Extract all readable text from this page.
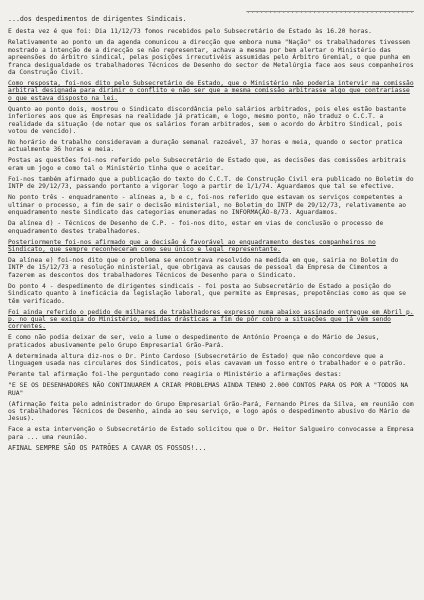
......................................

...dos despedimentos de dirigentes Sindicais.

E desta vez é que foi: Dia 11/12/73 fomos recebidos pelo Subsecretário de Estado às 16.20 horas.

Relativamente ao ponto um da agenda comunicou a direcção que embora numa "Nação" os trabalhadores tivessem mostrado a intenção de a direcção se não representar, achava a mesma por bem alertar o Ministério das apreensões do árbitro sindical, pelas posições irrecutivéis assumidas pelo Árbitro Gremial, o que punha em franca desigualdade os trabalhadores Técnicos de Desenho do sector de Metalúrgia face aos seus companheiros da Construção Civil.

Como resposta, foi-nos dito pelo Subsecretário de Estado, que o Ministério não poderia intervir na comissão arbitral designada para dirimir o conflito e não ser que a mesma comissão arbitrasse algo que contrariasse o que estava disposto na lei.

Quanto ao ponto dois, mostrou o Sindicato discordância pelo salários arbitrados, pois eles estão bastante inferiores aos que as Empresas na realidade já praticam, e logo, mesmo ponto, não traduz o C.C.T. a realidade da situação (de notar que os salários foram arbitrados, sem o acordo do Árbitro Sindical, pois votou de vencido).

No horário de trabalho consideravam a duração semanal razoável, 37 horas e meia, quando o sector pratica actualmente 36 horas e meia.

Postas as questões foi-nos referido pelo Subsecretário de Estado que, as decisões das comissões arbitrais eram um jogo e como tal o Ministério tinha que o aceitar.

Foi-nos também afirmado que a publicação do texto do C.C.T. de Construção Civil era publicado no Boletim do INTP de 29/12/73, passando portanto a vigorar logo a partir de 1/1/74. Aguardamos que tal se efective.

No ponto três - enquadramento - alíneas a, b e c, foi-nos referido que estavam os serviços competentes a ultimar o processo, a fim de sair o decisão ministerial, no Boletim do INTP de 29/12/73, relativamente ao enquadramento neste Sindicato das categorias enumeradas no INFORMAÇÃO-8/73. Aguardamos.

Da alínea d) - Técnicos de Desenho de C.P. - foi-nos dito, estar em vias de conclusão o processo de enquadramento destes trabalhadores.

Posteriormente foi-nos afirmado que a decisão é favorável ao enquadramento destes companheiros no Sindicato, que sempre reconheceram como seu único e legal representante.

Da alínea e) foi-nos dito que o problema se encontrava resolvido na medida em que, sairia no Boletim do INTP de 15/12/73 a resolução ministerial, que obrigava as causas de pessoal da Empresa de Cimentos a fazerem as descontos dos trabalhadores Técnicos de Desenho para o Sindicato.

Do ponto 4 - despedimento de dirigentes sindicais - foi posta ao Subsecretário de Estado a posição do Sindicato quanto à ineficácia da legislação laboral, que permite as Empresas, prepotências como as que se têm verificado.

Foi ainda referido o pedido de milhares de trabalhadores expresso numa abaixo assinado entregue em Abril p. p. no qual se exigia do Ministério, medidas drásticas a fim de pôr cobro a situações que já vêm sendo correntes.

E como não podia deixar de ser, veio a lume o despedimento de António Proença e do Mário de Jesus, praticados abusivamente pelo Grupo Empresarial Grão-Pará.

A determinada altura diz-nos o Dr. Pinto Cardoso (Subsecretário de Estado) que não concordeve que a linguagem usada nas circulares dos Sindicatos, pois elas cavavam um fosso entre o trabalhador e o patrão.

Perante tal afirmação foi-lhe perguntado como reagiria o Ministério a afirmações destas:

"E SE OS DESENHADORES NÃO CONTINUAREM A CRIAR PROBLEMAS AINDA TENHO 2.000 CONTOS PARA OS POR A "TODOS NA RUA"

(Afirmação feita pelo administrador do Grupo Empresarial Grão-Pará, Fernando Pires da Silva, em reunião com os trabalhadores Técnicos de Desenho, ainda ao seu serviço, e logo após o despedimento abusivo do Mário de Jesus).

Face a esta intervenção o Subsecretário de Estado solicitou que o Dr. Heitor Salgueiro convocasse a Empresa para ... uma reunião.

AFINAL SEMPRE SÃO OS PATRÕES A CAVAR OS FOSSOS!...
